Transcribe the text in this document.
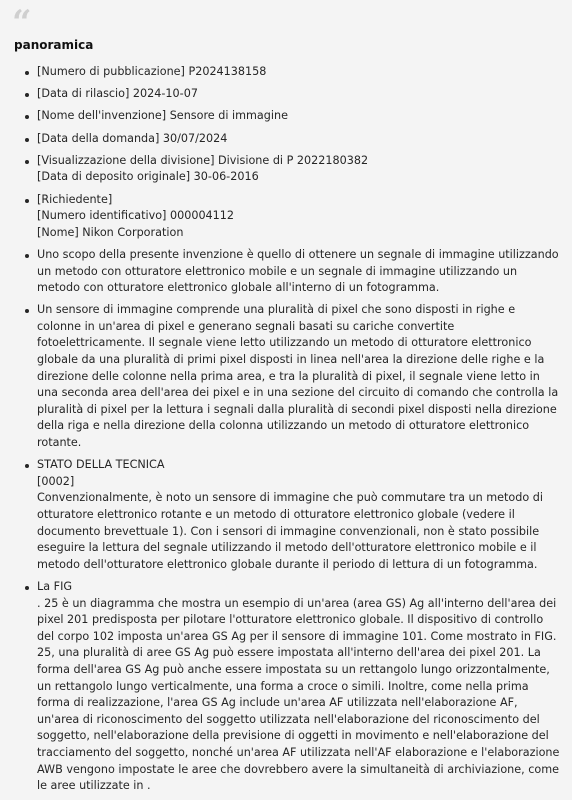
“
panoramica
[Numero di pubblicazione] P2024138158
[Data di rilascio] 2024-10-07
[Nome dell'invenzione] Sensore di immagine
[Data della domanda] 30/07/2024
[Visualizzazione della divisione] Divisione di P 2022180382
[Data di deposito originale] 30-06-2016
[Richiedente]
[Numero identificativo] 000004112
[Nome] Nikon Corporation
Uno scopo della presente invenzione è quello di ottenere un segnale di immagine utilizzando un metodo con otturatore elettronico mobile e un segnale di immagine utilizzando un metodo con otturatore elettronico globale all'interno di un fotogramma.
Un sensore di immagine comprende una pluralità di pixel che sono disposti in righe e colonne in un'area di pixel e generano segnali basati su cariche convertite fotoelettricamente. Il segnale viene letto utilizzando un metodo di otturatore elettronico globale da una pluralità di primi pixel disposti in linea nell'area la direzione delle righe e la direzione delle colonne nella prima area, e tra la pluralità di pixel, il segnale viene letto in una seconda area dell'area dei pixel e in una sezione del circuito di comando che controlla la pluralità di pixel per la lettura i segnali dalla pluralità di secondi pixel disposti nella direzione della riga e nella direzione della colonna utilizzando un metodo di otturatore elettronico rotante.
STATO DELLA TECNICA
[0002]
Convenzionalmente, è noto un sensore di immagine che può commutare tra un metodo di otturatore elettronico rotante e un metodo di otturatore elettronico globale (vedere il documento brevettuale 1). Con i sensori di immagine convenzionali, non è stato possibile eseguire la lettura del segnale utilizzando il metodo dell'otturatore elettronico mobile e il metodo dell'otturatore elettronico globale durante il periodo di lettura di un fotogramma.
La FIG
. 25 è un diagramma che mostra un esempio di un'area (area GS) Ag all'interno dell'area dei pixel 201 predisposta per pilotare l'otturatore elettronico globale. Il dispositivo di controllo del corpo 102 imposta un'area GS Ag per il sensore di immagine 101. Come mostrato in FIG. 25, una pluralità di aree GS Ag può essere impostata all'interno dell'area dei pixel 201. La forma dell'area GS Ag può anche essere impostata su un rettangolo lungo orizzontalmente, un rettangolo lungo verticalmente, una forma a croce o simili. Inoltre, come nella prima forma di realizzazione, l'area GS Ag include un'area AF utilizzata nell'elaborazione AF, un'area di riconoscimento del soggetto utilizzata nell'elaborazione del riconoscimento del soggetto, nell'elaborazione della previsione di oggetti in movimento e nell'elaborazione del tracciamento del soggetto, nonché un'area AF utilizzata nell'AF elaborazione e l'elaborazione AWB vengono impostate le aree che dovrebbero avere la simultaneità di archiviazione, come le aree utilizzate in .
